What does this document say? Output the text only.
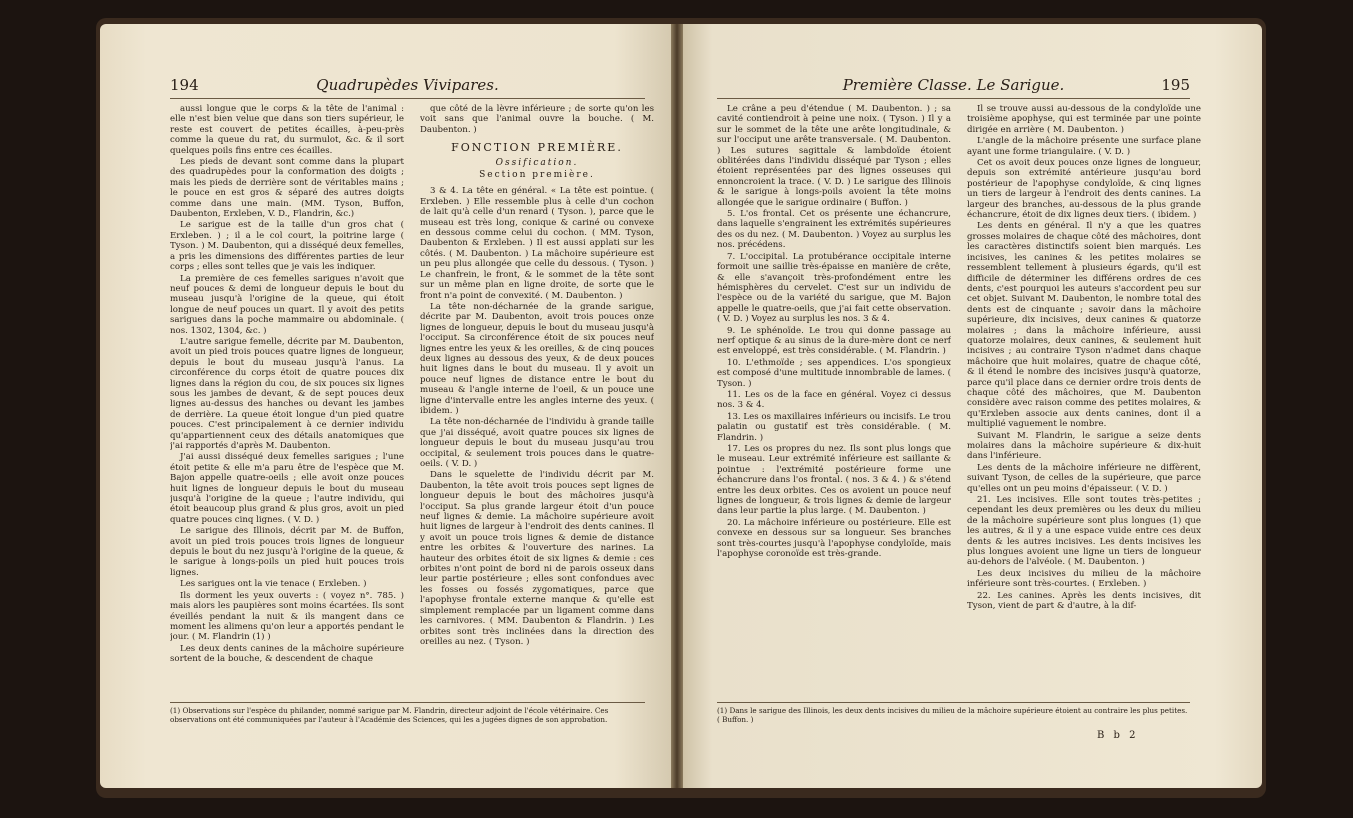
194	Quadrupèdes Vivipares.

aussi longue que le corps & la tête de l'animal : elle n'est bien velue que dans son tiers supérieur, le reste est couvert de petites écailles, à-peu-près comme la queue du rat, du surmulot, &c. & il sort quelques poils fins entre ces écailles.

Les pieds de devant sont comme dans la plupart des quadrupèdes pour la conformation des doigts ; mais les pieds de derrière sont de véritables mains ; le pouce en est gros & séparé des autres doigts comme dans une main. (MM. Tyson, Buffon, Daubenton, Erxleben, V. D., Flandrin, &c.)

Le sarigue est de la taille d'un gros chat ( Erxleben. ) ; il a le col court, la poitrine large ( Tyson. ) M. Daubenton, qui a disséqué deux femelles, a pris les dimensions des différentes parties de leur corps ; elles sont telles que je vais les indiquer.

La première de ces femelles sarigues n'avoit que neuf pouces & demi de longueur depuis le bout du museau jusqu'à l'origine de la queue, qui étoit longue de neuf pouces un quart. Il y avoit des petits sarigues dans la poche mammaire ou abdominale. ( nos. 1302, 1304, &c. )

L'autre sarigue femelle, décrite par M. Daubenton, avoit un pied trois pouces quatre lignes de longueur, depuis le bout du museau jusqu'à l'anus. La circonférence du corps étoit de quatre pouces dix lignes dans la région du cou, de six pouces six lignes sous les jambes de devant, & de sept pouces deux lignes au-dessus des hanches ou devant les jambes de derrière. La queue étoit longue d'un pied quatre pouces. C'est principalement à ce dernier individu qu'appartiennent ceux des détails anatomiques que j'ai rapportés d'après M. Daubenton.

J'ai aussi disséqué deux femelles sarigues ; l'une étoit petite & elle m'a paru être de l'espèce que M. Bajon appelle quatre-oeils ; elle avoit onze pouces huit lignes de longueur depuis le bout du museau jusqu'à l'origine de la queue ; l'autre individu, qui étoit beaucoup plus grand & plus gros, avoit un pied quatre pouces cinq lignes. ( V. D. )

Le sarigue des Illinois, décrit par M. de Buffon, avoit un pied trois pouces trois lignes de longueur depuis le bout du nez jusqu'à l'origine de la queue, & le sarigue à longs-poils un pied huit pouces trois lignes.

Les sarigues ont la vie tenace ( Erxleben. )

Ils dorment les yeux ouverts : ( voyez n°. 785. ) mais alors les paupières sont moins écartées. Ils sont éveillés pendant la nuit & ils mangent dans ce moment les alimens qu'on leur a apportés pendant le jour. ( M. Flandrin (1) )

Les deux dents canines de la mâchoire supérieure sortent de la bouche, & descendent de chaque

que côté de la lèvre inférieure ; de sorte qu'on les voit sans que l'animal ouvre la bouche. ( M. Daubenton. )

FONCTION PREMIÈRE.

Ossification.

Section première.

3 & 4. La tête en général. « La tête est pointue. ( Erxleben. ) Elle ressemble plus à celle d'un cochon de lait qu'à celle d'un renard ( Tyson. ), parce que le museau est très long, conique & cariné ou convexe en dessous comme celui du cochon. ( MM. Tyson, Daubenton & Erxleben. ) Il est aussi applati sur les côtés. ( M. Daubenton. ) La mâchoire supérieure est un peu plus allongée que celle du dessous. ( Tyson. ) Le chanfrein, le front, & le sommet de la tête sont sur un même plan en ligne droite, de sorte que le front n'a point de convexité. ( M. Daubenton. )

La tête non-décharnée de la grande sarigue, décrite par M. Daubenton, avoit trois pouces onze lignes de longueur, depuis le bout du museau jusqu'à l'occiput. Sa circonférence étoit de six pouces neuf lignes entre les yeux & les oreilles, & de cinq pouces deux lignes au dessous des yeux, & de deux pouces huit lignes dans le bout du museau. Il y avoit un pouce neuf lignes de distance entre le bout du museau & l'angle interne de l'oeil, & un pouce une ligne d'intervalle entre les angles interne des yeux. ( ibidem. )

La tête non-décharnée de l'individu à grande taille que j'ai disséqué, avoit quatre pouces six lignes de longueur depuis le bout du museau jusqu'au trou occipital, & seulement trois pouces dans le quatre-oeils. ( V. D. )

Dans le squelette de l'individu décrit par M. Daubenton, la tête avoit trois pouces sept lignes de longueur depuis le bout des mâchoires jusqu'à l'occiput. Sa plus grande largeur étoit d'un pouce neuf lignes & demie. La mâchoire supérieure avoit huit lignes de largeur à l'endroit des dents canines. Il y avoit un pouce trois lignes & demie de distance entre les orbites & l'ouverture des narines. La hauteur des orbites étoit de six lignes & demie : ces orbites n'ont point de bord ni de parois osseux dans leur partie postérieure ; elles sont confondues avec les fosses ou fossés zygomatiques, parce que l'apophyse frontale externe manque & qu'elle est simplement remplacée par un ligament comme dans les carnivores. ( MM. Daubenton & Flandrin. ) Les orbites sont très inclinées dans la direction des oreilles au nez. ( Tyson. )

(1) Observations sur l'espèce du philander, nommé sarigue par M. Flandrin, directeur adjoint de l'école vétérinaire. Ces observations ont été communiquées par l'auteur à l'Académie des Sciences, qui les a jugées dignes de son approbation.
Première Classe. Le Sarigue.	195

Le crâne a peu d'étendue ( M. Daubenton. ) ; sa cavité contiendroit à peine une noix. ( Tyson. ) Il y a sur le sommet de la tête une arête longitudinale, & sur l'occiput une arête transversale. ( M. Daubenton. ) Les sutures sagittale & lambdoïde étoient oblitérées dans l'individu disséqué par Tyson ; elles étoient représentées par des lignes osseuses qui ennoncroient la trace. ( V. D. ) Le sarigue des Illinois & le sarigue à longs-poils avoient la tête moins allongée que le sarigue ordinaire ( Buffon. )

5. L'os frontal. Cet os présente une échancrure, dans laquelle s'engrainent les extrémités supérieures des os du nez. ( M. Daubenton. ) Voyez au surplus les nos. précédens.

7. L'occipital. La protubérance occipitale interne formoit une saillie très-épaisse en manière de crête, & elle s'avançoit très-profondément entre les hémisphères du cervelet. C'est sur un individu de l'espèce ou de la variété du sarigue, que M. Bajon appelle le quatre-oeils, que j'ai fait cette observation. ( V. D. ) Voyez au surplus les nos. 3 & 4.

9. Le sphénoïde. Le trou qui donne passage au nerf optique & au sinus de la dure-mère dont ce nerf est enveloppé, est très considérable. ( M. Flandrin. )

10. L'ethmoïde ; ses appendices. L'os spongieux est composé d'une multitude innombrable de lames. ( Tyson. )

11. Les os de la face en général. Voyez ci dessus nos. 3 & 4.

13. Les os maxillaires inférieurs ou incisifs. Le trou palatin ou gustatif est très considérable. ( M. Flandrin. )

17. Les os propres du nez. Ils sont plus longs que le museau. Leur extrémité inférieure est saillante & pointue : l'extrémité postérieure forme une échancrure dans l'os frontal. ( nos. 3 & 4. ) & s'étend entre les deux orbites. Ces os avoient un pouce neuf lignes de longueur, & trois lignes & demie de largeur dans leur partie la plus large. ( M. Daubenton. )

20. La mâchoire inférieure ou postérieure. Elle est convexe en dessous sur sa longueur. Ses branches sont très-courtes jusqu'à l'apophyse condyloïde, mais l'apophyse coronoïde est très-grande.

Il se trouve aussi au-dessous de la condyloïde une troisième apophyse, qui est terminée par une pointe dirigée en arrière ( M. Daubenton. )

L'angle de la mâchoire présente une surface plane ayant une forme triangulaire. ( V. D. )

Cet os avoit deux pouces onze lignes de longueur, depuis son extrémité antérieure jusqu'au bord postérieur de l'apophyse condyloïde, & cinq lignes un tiers de largeur à l'endroit des dents canines. La largeur des branches, au-dessous de la plus grande échancrure, étoit de dix lignes deux tiers. ( ibidem. )

Les dents en général. Il n'y a que les quatres grosses molaires de chaque côté des mâchoires, dont les caractères distinctifs soient bien marqués. Les incisives, les canines & les petites molaires se ressemblent tellement à plusieurs égards, qu'il est difficile de déterminer les différens ordres de ces dents, c'est pourquoi les auteurs s'accordent peu sur cet objet. Suivant M. Daubenton, le nombre total des dents est de cinquante ; savoir dans la mâchoire supérieure, dix incisives, deux canines & quatorze molaires ; dans la mâchoire inférieure, aussi quatorze molaires, deux canines, & seulement huit incisives ; au contraire Tyson n'admet dans chaque mâchoire que huit molaires, quatre de chaque côté, & il étend le nombre des incisives jusqu'à quatorze, parce qu'il place dans ce dernier ordre trois dents de chaque côté des mâchoires, que M. Daubenton considère avec raison comme des petites molaires, & qu'Erxleben associe aux dents canines, dont il a multiplié vaguement le nombre.

Suivant M. Flandrin, le sarigue a seize dents molaires dans la mâchoire supérieure & dix-huit dans l'inférieure.

Les dents de la mâchoire inférieure ne diffèrent, suivant Tyson, de celles de la supérieure, que parce qu'elles ont un peu moins d'épaisseur. ( V. D. )

21. Les incisives. Elle sont toutes très-petites ; cependant les deux premières ou les deux du milieu de la mâchoire supérieure sont plus longues (1) que les autres, & il y a une espace vuide entre ces deux dents & les autres incisives. Les dents incisives les plus longues avoient une ligne un tiers de longueur au-dehors de l'alvéole. ( M. Daubenton. )

Les deux incisives du milieu de la mâchoire inférieure sont très-courtes. ( Erxleben. )

22. Les canines. Après les dents incisives, dit Tyson, vient de part & d'autre, à la dif-

(1) Dans le sarigue des Illinois, les deux dents incisives du milieu de la mâchoire supérieure étoient au contraire les plus petites. ( Buffon. )
B b 2
